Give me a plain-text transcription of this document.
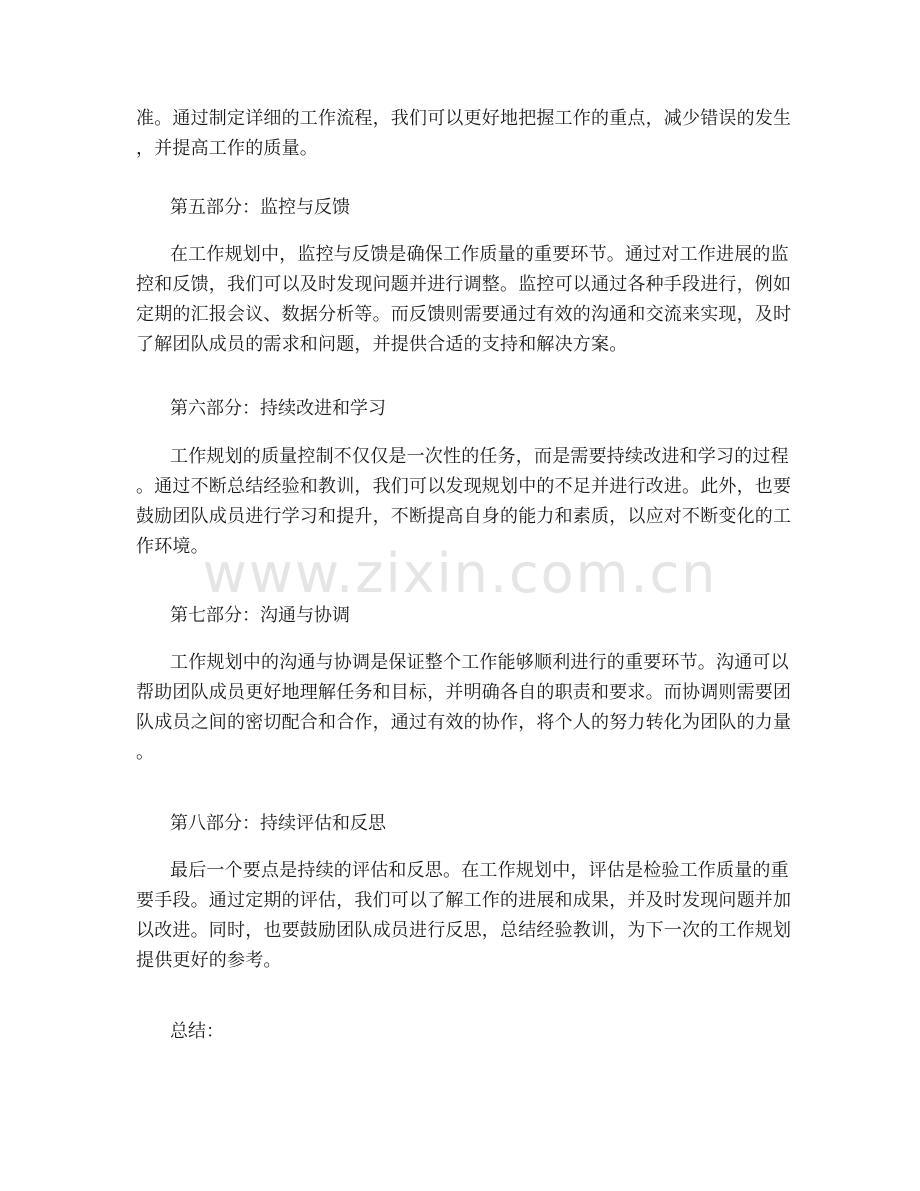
准。通过制定详细的工作流程，我们可以更好地把握工作的重点，减少错误的发生
，并提高工作的质量。
第五部分：监控与反馈
在工作规划中，监控与反馈是确保工作质量的重要环节。通过对工作进展的监
控和反馈，我们可以及时发现问题并进行调整。监控可以通过各种手段进行，例如
定期的汇报会议、数据分析等。而反馈则需要通过有效的沟通和交流来实现，及时
了解团队成员的需求和问题，并提供合适的支持和解决方案。
第六部分：持续改进和学习
工作规划的质量控制不仅仅是一次性的任务，而是需要持续改进和学习的过程
。通过不断总结经验和教训，我们可以发现规划中的不足并进行改进。此外，也要
鼓励团队成员进行学习和提升，不断提高自身的能力和素质，以应对不断变化的工
作环境。
第七部分：沟通与协调
工作规划中的沟通与协调是保证整个工作能够顺利进行的重要环节。沟通可以
帮助团队成员更好地理解任务和目标，并明确各自的职责和要求。而协调则需要团
队成员之间的密切配合和合作，通过有效的协作，将个人的努力转化为团队的力量
。
第八部分：持续评估和反思
最后一个要点是持续的评估和反思。在工作规划中，评估是检验工作质量的重
要手段。通过定期的评估，我们可以了解工作的进展和成果，并及时发现问题并加
以改进。同时，也要鼓励团队成员进行反思，总结经验教训，为下一次的工作规划
提供更好的参考。
总结：
www.zixin.com.cn
